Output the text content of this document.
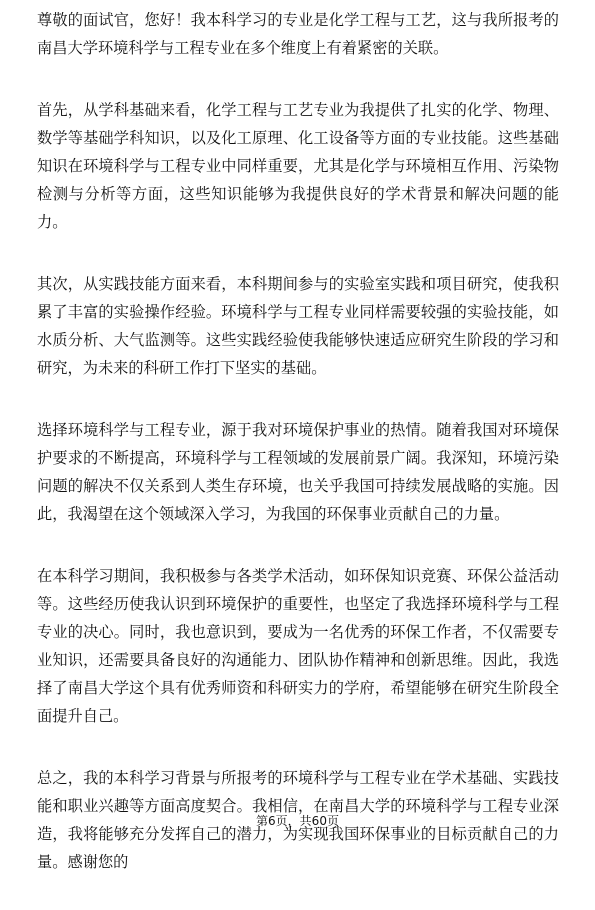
尊敬的面试官，您好！我本科学习的专业是化学工程与工艺，这与我所报考的南昌大学环境科学与工程专业在多个维度上有着紧密的关联。

首先，从学科基础来看，化学工程与工艺专业为我提供了扎实的化学、物理、数学等基础学科知识，以及化工原理、化工设备等方面的专业技能。这些基础知识在环境科学与工程专业中同样重要，尤其是化学与环境相互作用、污染物检测与分析等方面，这些知识能够为我提供良好的学术背景和解决问题的能力。

其次，从实践技能方面来看，本科期间参与的实验室实践和项目研究，使我积累了丰富的实验操作经验。环境科学与工程专业同样需要较强的实验技能，如水质分析、大气监测等。这些实践经验使我能够快速适应研究生阶段的学习和研究，为未来的科研工作打下坚实的基础。

选择环境科学与工程专业，源于我对环境保护事业的热情。随着我国对环境保护要求的不断提高，环境科学与工程领域的发展前景广阔。我深知，环境污染问题的解决不仅关系到人类生存环境，也关乎我国可持续发展战略的实施。因此，我渴望在这个领域深入学习，为我国的环保事业贡献自己的力量。

在本科学习期间，我积极参与各类学术活动，如环保知识竞赛、环保公益活动等。这些经历使我认识到环境保护的重要性，也坚定了我选择环境科学与工程专业的决心。同时，我也意识到，要成为一名优秀的环保工作者，不仅需要专业知识，还需要具备良好的沟通能力、团队协作精神和创新思维。因此，我选择了南昌大学这个具有优秀师资和科研实力的学府，希望能够在研究生阶段全面提升自己。

总之，我的本科学习背景与所报考的环境科学与工程专业在学术基础、实践技能和职业兴趣等方面高度契合。我相信，在南昌大学的环境科学与工程专业深造，我将能够充分发挥自己的潜力，为实现我国环保事业的目标贡献自己的力量。感谢您的

第6页，共60页
